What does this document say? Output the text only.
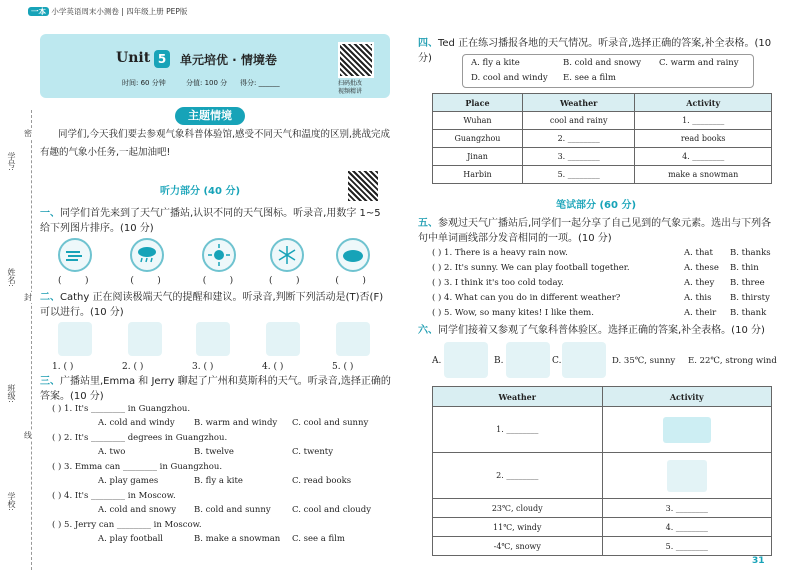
一本 小学英语周末小测卷 | 四年级上册 PEP版
学号:
姓名:
班级:
学校:
密
封
线
Unit 5	单元培优 · 情境卷
时间: 60 分钟	分值: 100 分 得分: ______	扫码批改
视频精讲
主题情境
同学们,今天我们要去参观气象科普体验馆,感受不同天气和温度的区别,挑战完成有趣的气象小任务,一起加油吧!
听力部分 (40 分)
一、同学们首先来到了天气广播站,认识不同的天气图标。听录音,用数字 1~5 给下列图片排序。(10 分)
(    )	(    )	(    )	(    )	(    )
二、Cathy 正在阅读极端天气的提醒和建议。听录音,判断下列活动是(T)否(F)可以进行。(10 分)
1. ( )	2. ( )	3. ( )	4. ( )	5. ( )
三、广播站里,Emma 和 Jerry 聊起了广州和莫斯科的天气。听录音,选择正确的答案。(10 分)
( ) 1. It's ________ in Guangzhou.
A. cold and windy B. warm and windy C. cool and sunny
( ) 2. It's ________ degrees in Guangzhou.
A. two	B. twelve	C. twenty
( ) 3. Emma can ________ in Guangzhou.
A. play games	B. fly a kite	C. read books
( ) 4. It's ________ in Moscow.
A. cold and snowy B. cold and sunny	C. cool and cloudy
( ) 5. Jerry can ________ in Moscow.
A. play football	B. make a snowman C. see a film
四、Ted 正在练习播报各地的天气情况。听录音,选择正确的答案,补全表格。(10 分)	A. fly a kite	B. cold and snowy C. warm and rainy
D. cool and windy E. see a film
Place	Weather	Activity
Wuhan	cool and rainy	1. ________
Guangzhou	2. ________	read books
Jinan	3. ________	4. ________
Harbin	5. ________	make a snowman
笔试部分 (60 分)
五、参观过天气广播站后,同学们一起分享了自己见到的气象元素。选出与下列各句中单词画线部分发音相同的一项。(10 分)
( ) 1. There is a heavy rain now.	A. that B. thanks
( ) 2. It's sunny. We can play football together.	A. these B. thin
( ) 3. I think it's too cold today.	A. they B. three
( ) 4. What can you do in different weather?	A. this B. thirsty
( ) 5. Wow, so many kites! I like them.	A. their B. thank
六、同学们接着又参观了气象科普体验区。选择正确的答案,补全表格。(10 分)
A.	B.	C.	D. 35℃, sunny E. 22℃, strong wind
Weather	Activity
1. ________	

2. ________	

23℃, cloudy	3. ________
11℃, windy	4. ________
-4℃, snowy	5. ________
31
